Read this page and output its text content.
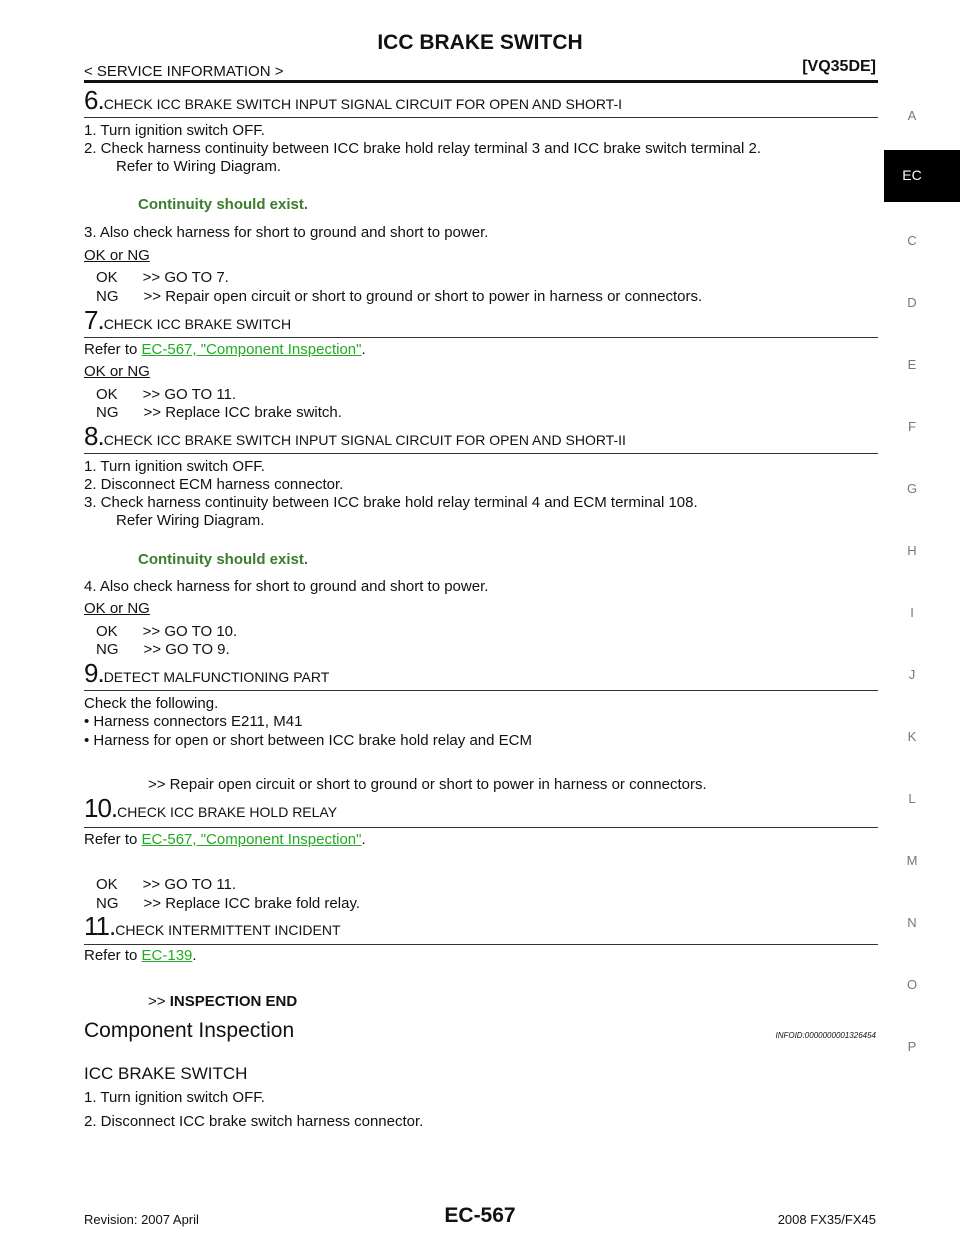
ICC BRAKE SWITCH
< SERVICE INFORMATION >	[VQ35DE]
A
EC
C
D
E
F
G
H
I
J
K
L
M
N
O
P
6.CHECK ICC BRAKE SWITCH INPUT SIGNAL CIRCUIT FOR OPEN AND SHORT-I
1. Turn ignition switch OFF.
2. Check harness continuity between ICC brake hold relay terminal 3 and ICC brake switch terminal 2.
Refer to Wiring Diagram.
Continuity should exist.
3. Also check harness for short to ground and short to power.
OK or NG
OK      >> GO TO 7.
NG      >> Repair open circuit or short to ground or short to power in harness or connectors.
7.CHECK ICC BRAKE SWITCH
Refer to EC-567, "Component Inspection".
OK or NG
OK      >> GO TO 11.
NG      >> Replace ICC brake switch.
8.CHECK ICC BRAKE SWITCH INPUT SIGNAL CIRCUIT FOR OPEN AND SHORT-II
1. Turn ignition switch OFF.
2. Disconnect ECM harness connector.
3. Check harness continuity between ICC brake hold relay terminal 4 and ECM terminal 108.
Refer Wiring Diagram.
Continuity should exist.
4. Also check harness for short to ground and short to power.
OK or NG
OK      >> GO TO 10.
NG      >> GO TO 9.
9.DETECT MALFUNCTIONING PART
Check the following.
• Harness connectors E211, M41
• Harness for open or short between ICC brake hold relay and ECM
>> Repair open circuit or short to ground or short to power in harness or connectors.
10.CHECK ICC BRAKE HOLD RELAY
Refer to EC-567, "Component Inspection".
OK      >> GO TO 11.
NG      >> Replace ICC brake fold relay.
11.CHECK INTERMITTENT INCIDENT
Refer to EC-139.
>> INSPECTION END
Component Inspection	INFOID:0000000001326454
ICC BRAKE SWITCH
1. Turn ignition switch OFF.
2. Disconnect ICC brake switch harness connector.
Revision: 2007 April	EC-567	2008 FX35/FX45
